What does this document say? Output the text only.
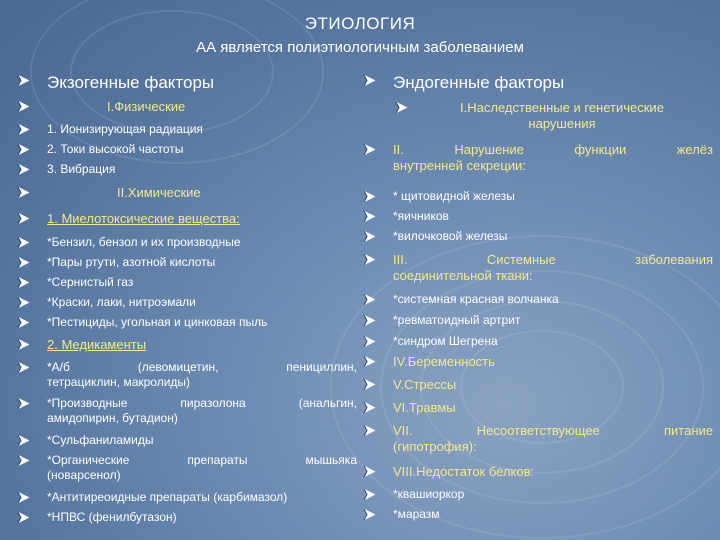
ЭТИОЛОГИЯ
АА является полиэтиологичным заболеванием
Экзогенные факторы
I.Физические
1. Ионизирующая радиация
2. Токи высокой частоты
3. Вибрация
II.Химические
1. Миелотоксические вещества:
*Бензил, бензол и их производные
*Пары ртути, азотной кислоты
*Сернистый газ
*Краски, лаки, нитроэмали
*Пестициды, угольная и цинковая пыль
2. Медикаменты
*А/б (левомицетин, пенициллин,
тетрациклин, макролиды)
*Производные пиразолона (анальгин,
амидопирин, бутадион)
*Сульфаниламиды
*Органические препараты мышьяка
(новарсенол)
*Антитиреоидные препараты (карбимазол)
*НПВС (фенилбутазон)
Эндогенные факторы
I.Наследственные и генетические
нарушения
II. Нарушение функции желёз
внутренней секреции:
* щитовидной железы
*яичников
*вилочковой железы
III. Системные заболевания
соединительной ткани:
*системная красная волчанка
*ревматоидный артрит
*синдром Шегрена
IV.Беременность
V.Стрессы
VI.Травмы
VII. Несоответствующее питание
(гипотрофия):
VIII.Недостаток белков:
*квашиоркор
*маразм
